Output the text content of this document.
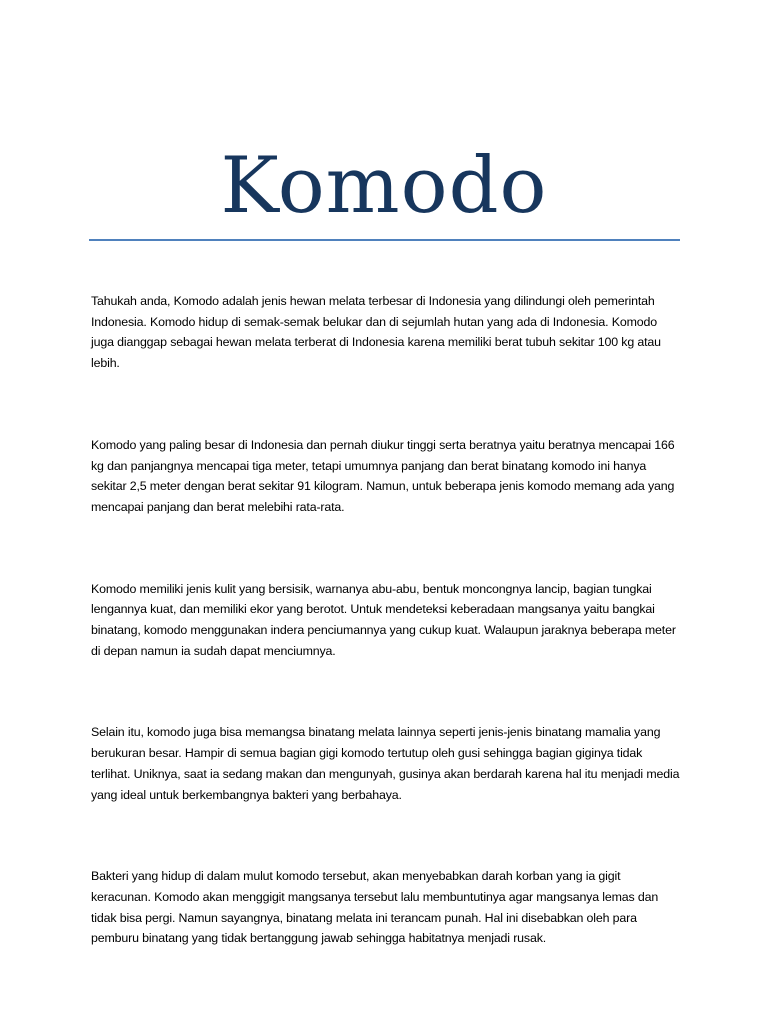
Komodo

Tahukah anda, Komodo adalah jenis hewan melata terbesar di Indonesia yang dilindungi oleh pemerintah Indonesia. Komodo hidup di semak-semak belukar dan di sejumlah hutan yang ada di Indonesia. Komodo juga dianggap sebagai hewan melata terberat di Indonesia karena memiliki berat tubuh sekitar 100 kg atau lebih.

Komodo yang paling besar di Indonesia dan pernah diukur tinggi serta beratnya yaitu beratnya mencapai 166 kg dan panjangnya mencapai tiga meter, tetapi umumnya panjang dan berat binatang komodo ini hanya sekitar 2,5 meter dengan berat sekitar 91 kilogram. Namun, untuk beberapa jenis komodo memang ada yang mencapai panjang dan berat melebihi rata-rata.

Komodo memiliki jenis kulit yang bersisik, warnanya abu-abu, bentuk moncongnya lancip, bagian tungkai lengannya kuat, dan memiliki ekor yang berotot. Untuk mendeteksi keberadaan mangsanya yaitu bangkai binatang, komodo menggunakan indera penciumannya yang cukup kuat. Walaupun jaraknya beberapa meter di depan namun ia sudah dapat menciumnya.

Selain itu, komodo juga bisa memangsa binatang melata lainnya seperti jenis-jenis binatang mamalia yang berukuran besar. Hampir di semua bagian gigi komodo tertutup oleh gusi sehingga bagian giginya tidak terlihat. Uniknya, saat ia sedang makan dan mengunyah, gusinya akan berdarah karena hal itu menjadi media yang ideal untuk berkembangnya bakteri yang berbahaya.

Bakteri yang hidup di dalam mulut komodo tersebut, akan menyebabkan darah korban yang ia gigit keracunan. Komodo akan menggigit mangsanya tersebut lalu membuntutinya agar mangsanya lemas dan tidak bisa pergi. Namun sayangnya, binatang melata ini terancam punah. Hal ini disebabkan oleh para pemburu binatang yang tidak bertanggung jawab sehingga habitatnya menjadi rusak.
